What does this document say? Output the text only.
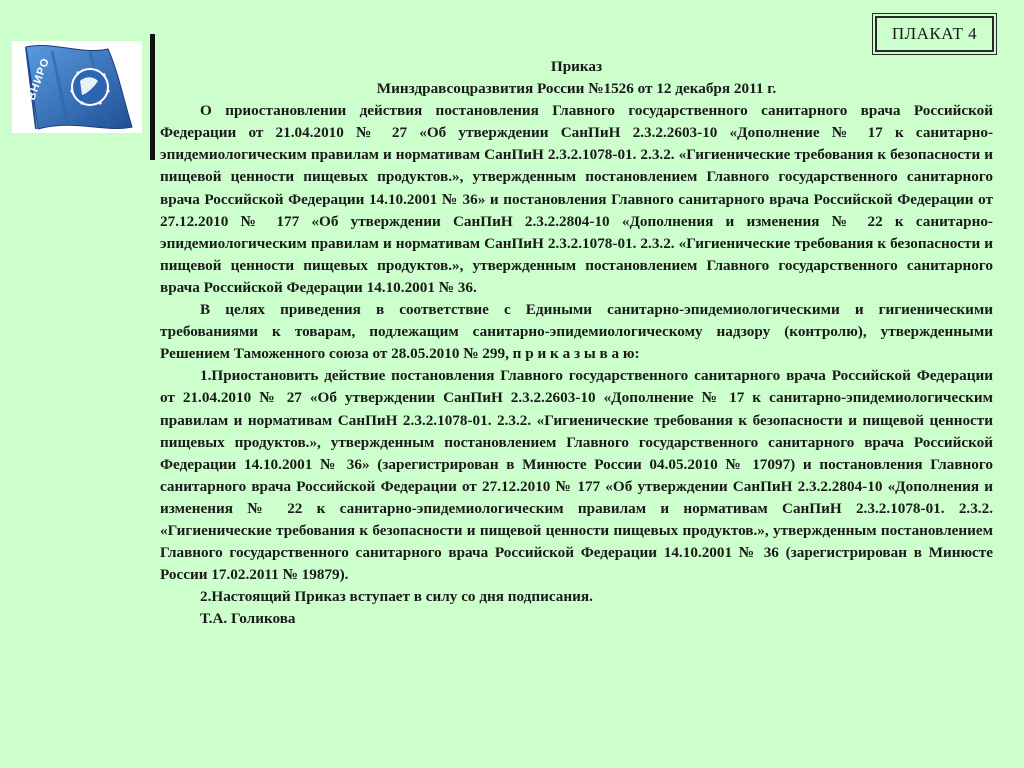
ВНИРО
ПЛАКАТ 4
Приказ
Минздравсоцразвития России №1526 от 12 декабря 2011 г.

О приостановлении действия постановления Главного государственного санитарного врача Российской Федерации от 21.04.2010 № 27 «Об утверждении СанПиН 2.3.2.2603-10 «Дополнение № 17 к санитарно-эпидемиологическим правилам и нормативам СанПиН 2.3.2.1078-01. 2.3.2. «Гигиенические требования к безопасности и пищевой ценности пищевых продуктов.», утвержденным постановлением Главного государственного санитарного врача Российской Федерации 14.10.2001 № 36» и постановления Главного санитарного врача Российской Федерации от 27.12.2010 № 177 «Об утверждении СанПиН 2.3.2.2804-10 «Дополнения и изменения № 22 к санитарно-эпидемиологическим правилам и нормативам СанПиН 2.3.2.1078-01. 2.3.2. «Гигиенические требования к безопасности и пищевой ценности пищевых продуктов.», утвержденным постановлением Главного государственного санитарного врача Российской Федерации 14.10.2001 № 36.

В целях приведения в соответствие с Едиными санитарно-эпидемиологическими и гигиеническими требованиями к товарам, подлежащим санитарно-эпидемиологическому надзору (контролю), утвержденными Решением Таможенного союза от 28.05.2010 № 299, п р и к а з ы в а ю:

1.Приостановить действие постановления Главного государственного санитарного врача Российской Федерации от 21.04.2010 № 27 «Об утверждении СанПиН 2.3.2.2603-10 «Дополнение № 17 к санитарно-эпидемиологическим правилам и нормативам СанПиН 2.3.2.1078-01. 2.3.2. «Гигиенические требования к безопасности и пищевой ценности пищевых продуктов.», утвержденным постановлением Главного государственного санитарного врача Российской Федерации 14.10.2001 № 36» (зарегистрирован в Минюсте России 04.05.2010 № 17097) и постановления Главного санитарного врача Российской Федерации от 27.12.2010 № 177 «Об утверждении СанПиН 2.3.2.2804-10 «Дополнения и изменения № 22 к санитарно-эпидемиологическим правилам и нормативам СанПиН 2.3.2.1078-01. 2.3.2. «Гигиенические требования к безопасности и пищевой ценности пищевых продуктов.», утвержденным постановлением Главного государственного санитарного врача Российской Федерации 14.10.2001 № 36 (зарегистрирован в Минюсте России 17.02.2011 № 19879).

2.Настоящий Приказ вступает в силу со дня подписания.

Т.А. Голикова
